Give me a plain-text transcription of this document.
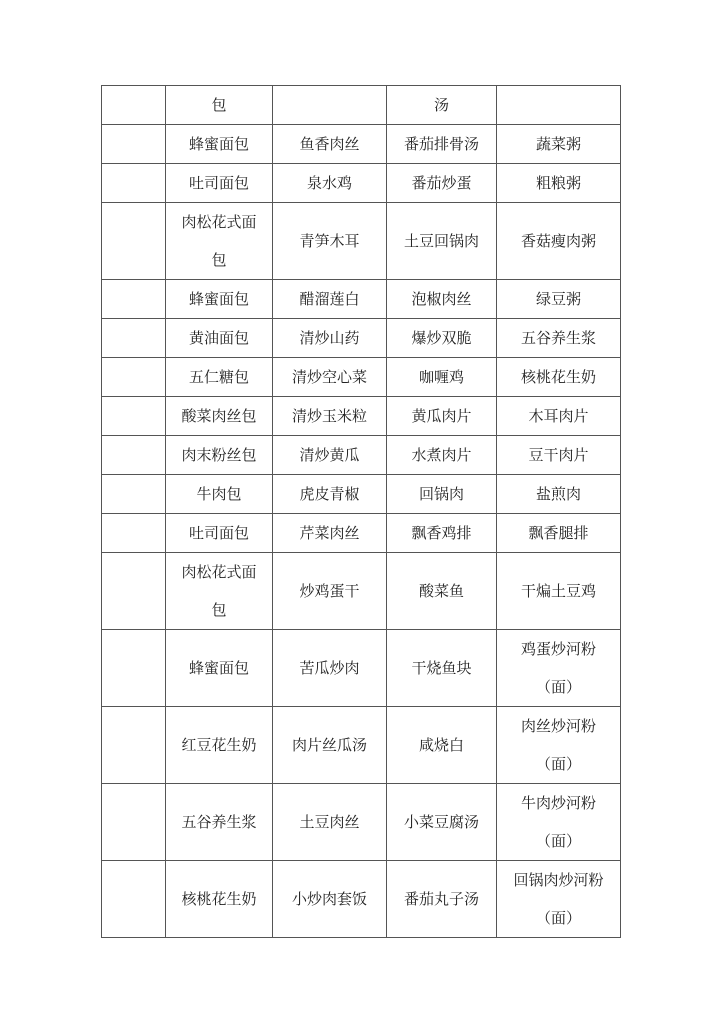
	包		汤	

	蜂蜜面包	鱼香肉丝	番茄排骨汤	蔬菜粥

	吐司面包	泉水鸡	番茄炒蛋	粗粮粥

	肉松花式面
包	青笋木耳	土豆回锅肉	香菇瘦肉粥

	蜂蜜面包	醋溜莲白	泡椒肉丝	绿豆粥

	黄油面包	清炒山药	爆炒双脆	五谷养生浆

	五仁糖包	清炒空心菜	咖喱鸡	核桃花生奶

	酸菜肉丝包	清炒玉米粒	黄瓜肉片	木耳肉片

	肉末粉丝包	清炒黄瓜	水煮肉片	豆干肉片

	牛肉包	虎皮青椒	回锅肉	盐煎肉

	吐司面包	芹菜肉丝	飘香鸡排	飘香腿排

	肉松花式面
包	炒鸡蛋干	酸菜鱼	干煸土豆鸡

	蜂蜜面包	苦瓜炒肉	干烧鱼块	鸡蛋炒河粉
（面）

	红豆花生奶	肉片丝瓜汤	咸烧白	肉丝炒河粉
（面）

	五谷养生浆	土豆肉丝	小菜豆腐汤	牛肉炒河粉
（面）

	核桃花生奶	小炒肉套饭	番茄丸子汤	回锅肉炒河粉
（面）
